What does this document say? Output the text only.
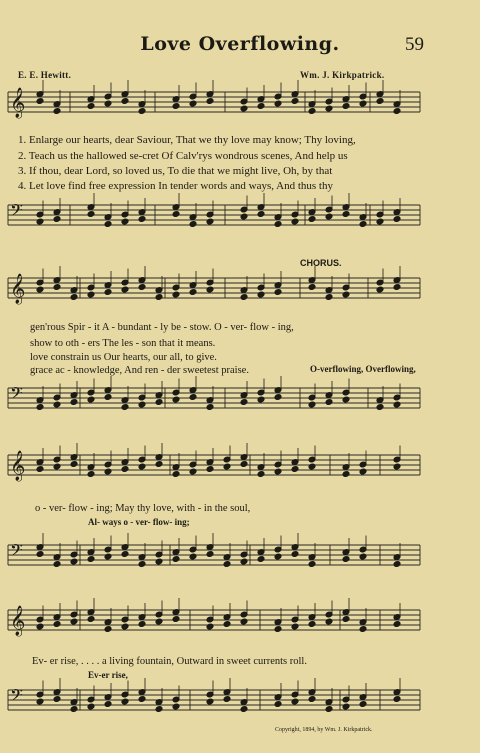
Love Overflowing.	59
E. E. Hewitt.	Wm. J. Kirkpatrick.
𝄞
𝄢
𝄞
𝄢
𝄞
𝄢
𝄞
𝄢
1. Enlarge our hearts, dear Saviour, That we thy love may know; Thy loving,
2. Teach us the hallowed se-cret Of Calv'rys wondrous scenes, And help us
3. If thou, dear Lord, so loved us, To die that we might live, Oh, by that
4. Let love find free expression In tender words and ways, And thus thy
CHORUS.
gen'rous Spir - it A - bundant - ly be - stow. O - ver- flow - ing,
show to oth - ers The les - son that it means.
love constrain us Our hearts, our all, to give.
grace ac - knowledge, And ren - der sweetest praise.	O-verflowing, Overflowing,
o - ver- flow - ing; May thy love, with - in the soul,
Al- ways o - ver- flow- ing;
Ev- er rise, . . . . a living fountain, Outward in sweet currents roll.
Ev-er rise,
Copyright, 1894, by Wm. J. Kirkpatrick.
